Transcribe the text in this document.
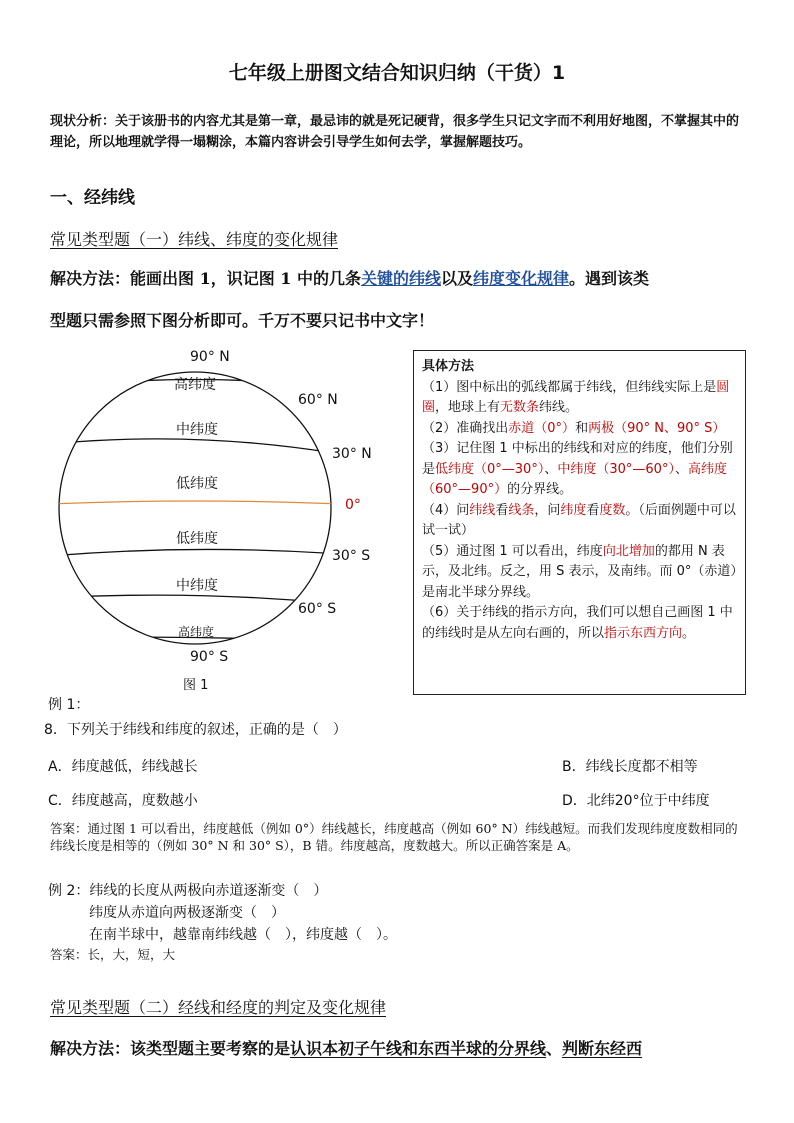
七年级上册图文结合知识归纳（干货）1
现状分析：关于该册书的内容尤其是第一章，最忌讳的就是死记硬背，很多学生只记文字而不利用好地图，不掌握其中的理论，所以地理就学得一塌糊涂，本篇内容讲会引导学生如何去学，掌握解题技巧。
一、经纬线
常见类型题（一）纬线、纬度的变化规律
解决方法：能画出图 1，识记图 1 中的几条关键的纬线以及纬度变化规律。遇到该类
型题只需参照下图分析即可。千万不要只记书中文字！
90° N
60° N
30° N
0°
30° S
60° S
90° S
高纬度
中纬度
低纬度
低纬度
中纬度
高纬度
图 1
具体方法
（1）图中标出的弧线都属于纬线，但纬线实际上是圆圈，地球上有无数条纬线。
（2）准确找出赤道（0°）和两极（90° N、90° S）
（3）记住图 1 中标出的纬线和对应的纬度，他们分别是低纬度（0°—30°）、中纬度（30°—60°）、高纬度（60°—90°）的分界线。
（4）问纬线看线条，问纬度看度数。（后面例题中可以试一试）
（5）通过图 1 可以看出，纬度向北增加的都用 N 表示，及北纬。反之，用 S 表示，及南纬。而 0°（赤道）是南北半球分界线。
（6）关于纬线的指示方向，我们可以想自己画图 1 中的纬线时是从左向右画的，所以指示东西方向。
例 1：
8．下列关于纬线和纬度的叙述，正确的是（　）
A．纬度越低，纬线越长	B．纬线长度都不相等
C．纬度越高，度数越小	D．北纬20°位于中纬度
答案：通过图 1 可以看出，纬度越低（例如 0°）纬线越长，纬度越高（例如 60° N）纬线越短。而我们发现纬度度数相同的纬线长度是相等的（例如 30° N 和 30° S），B 错。纬度越高，度数越大。所以正确答案是 A。
例 2：纬线的长度从两极向赤道逐渐变（　）
纬度从赤道向两极逐渐变（　）
在南半球中，越靠南纬线越（　），纬度越（　）。
答案：长，大，短，大
常见类型题（二）经线和经度的判定及变化规律
解决方法：该类型题主要考察的是认识本初子午线和东西半球的分界线、判断东经西
